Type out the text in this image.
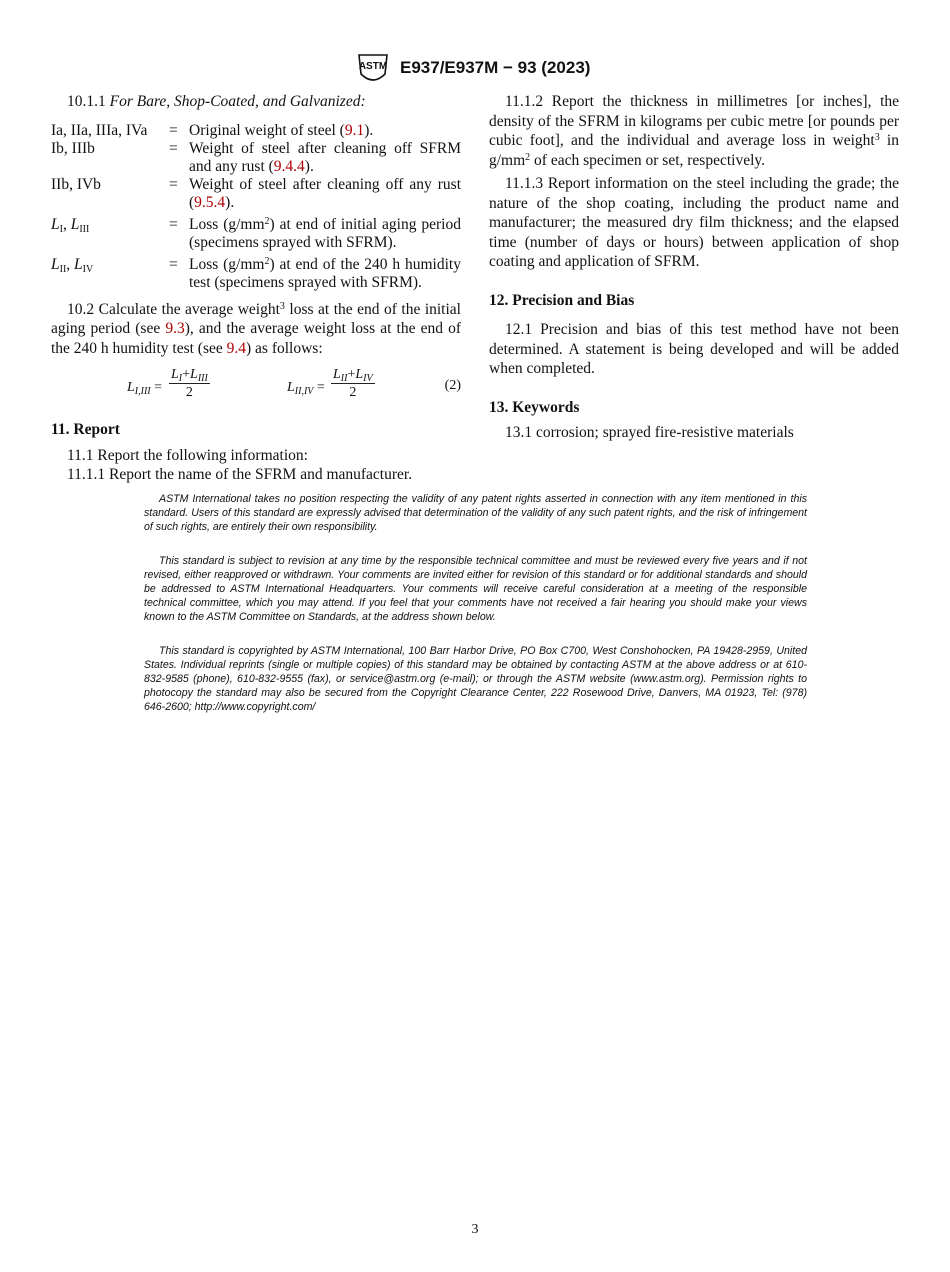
ASTM E937/E937M − 93 (2023)

10.1.1 For Bare, Shop-Coated, and Galvanized:

Ia, IIa, IIIa, IVa	=	Original weight of steel (9.1).
Ib, IIIb	=	Weight of steel after cleaning off SFRM and any rust (9.4.4).
IIb, IVb	=	Weight of steel after cleaning off any rust (9.5.4).
$L_I$, $L_{III}$	=	Loss $(g/mm^2)$ at end of initial aging period (specimens sprayed with SFRM).
$L_{II}$, $L_{IV}$	=	Loss $(g/mm^2)$ at end of the 240 h humidity test (specimens sprayed with SFRM).

10.2 Calculate the average weight$^3$ loss at the end of the initial aging period (see 9.3), and the average weight loss at the end of the 240 h humidity test (see 9.4) as follows:

$L_{I,III}$ =
$L_I+L_{III}$
2	$L_{II,IV}$ =
$L_{II}+L_{IV}$
2	(2)

11. Report

11.1 Report the following information:

11.1.1 Report the name of the SFRM and manufacturer.

11.1.2 Report the thickness in millimetres [or inches], the density of the SFRM in kilograms per cubic metre [or pounds per cubic foot], and the individual and average loss in weight$^3$ in $g/mm^2$ of each specimen or set, respectively.

11.1.3 Report information on the steel including the grade; the nature of the shop coating, including the product name and manufacturer; the measured dry film thickness; and the elapsed time (number of days or hours) between application of shop coating and application of SFRM.

12. Precision and Bias

12.1 Precision and bias of this test method have not been determined. A statement is being developed and will be added when completed.

13. Keywords

13.1 corrosion; sprayed fire-resistive materials

ASTM International takes no position respecting the validity of any patent rights asserted in connection with any item mentioned in this standard. Users of this standard are expressly advised that determination of the validity of any such patent rights, and the risk of infringement of such rights, are entirely their own responsibility.

This standard is subject to revision at any time by the responsible technical committee and must be reviewed every five years and if not revised, either reapproved or withdrawn. Your comments are invited either for revision of this standard or for additional standards and should be addressed to ASTM International Headquarters. Your comments will receive careful consideration at a meeting of the responsible technical committee, which you may attend. If you feel that your comments have not received a fair hearing you should make your views known to the ASTM Committee on Standards, at the address shown below.

This standard is copyrighted by ASTM International, 100 Barr Harbor Drive, PO Box C700, West Conshohocken, PA 19428-2959, United States. Individual reprints (single or multiple copies) of this standard may be obtained by contacting ASTM at the above address or at 610-832-9585 (phone), 610-832-9555 (fax), or service@astm.org (e-mail); or through the ASTM website (www.astm.org). Permission rights to photocopy the standard may also be secured from the Copyright Clearance Center, 222 Rosewood Drive, Danvers, MA 01923, Tel: (978) 646-2600; http://www.copyright.com/

3
